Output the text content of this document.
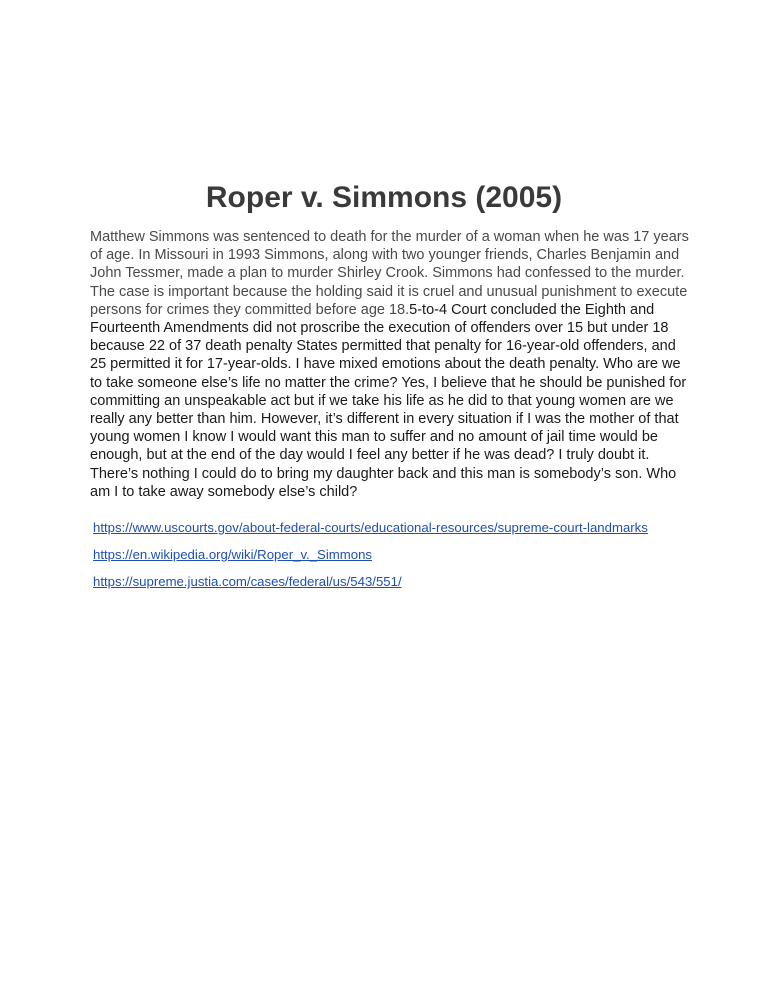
Roper v. Simmons (2005)

Matthew Simmons was sentenced to death for the murder of a woman when he was 17 years of age. In Missouri in 1993 Simmons, along with two younger friends, Charles Benjamin and John Tessmer, made a plan to murder Shirley Crook. Simmons had confessed to the murder. The case is important because the holding said it is cruel and unusual punishment to execute persons for crimes they committed before age 18.5-to-4 Court concluded the Eighth and Fourteenth Amendments did not proscribe the execution of offenders over 15 but under 18 because 22 of 37 death penalty States permitted that penalty for 16-year-old offenders, and 25 permitted it for 17-year-olds. I have mixed emotions about the death penalty. Who are we to take someone else’s life no matter the crime? Yes, I believe that he should be punished for committing an unspeakable act but if we take his life as he did to that young women are we really any better than him. However, it’s different in every situation if I was the mother of that young women I know I would want this man to suffer and no amount of jail time would be enough, but at the end of the day would I feel any better if he was dead? I truly doubt it. There’s nothing I could do to bring my daughter back and this man is somebody’s son. Who am I to take away somebody else’s child?

https://www.uscourts.gov/about-federal-courts/educational-resources/supreme-court-landmarks
https://en.wikipedia.org/wiki/Roper_v._Simmons
https://supreme.justia.com/cases/federal/us/543/551/
